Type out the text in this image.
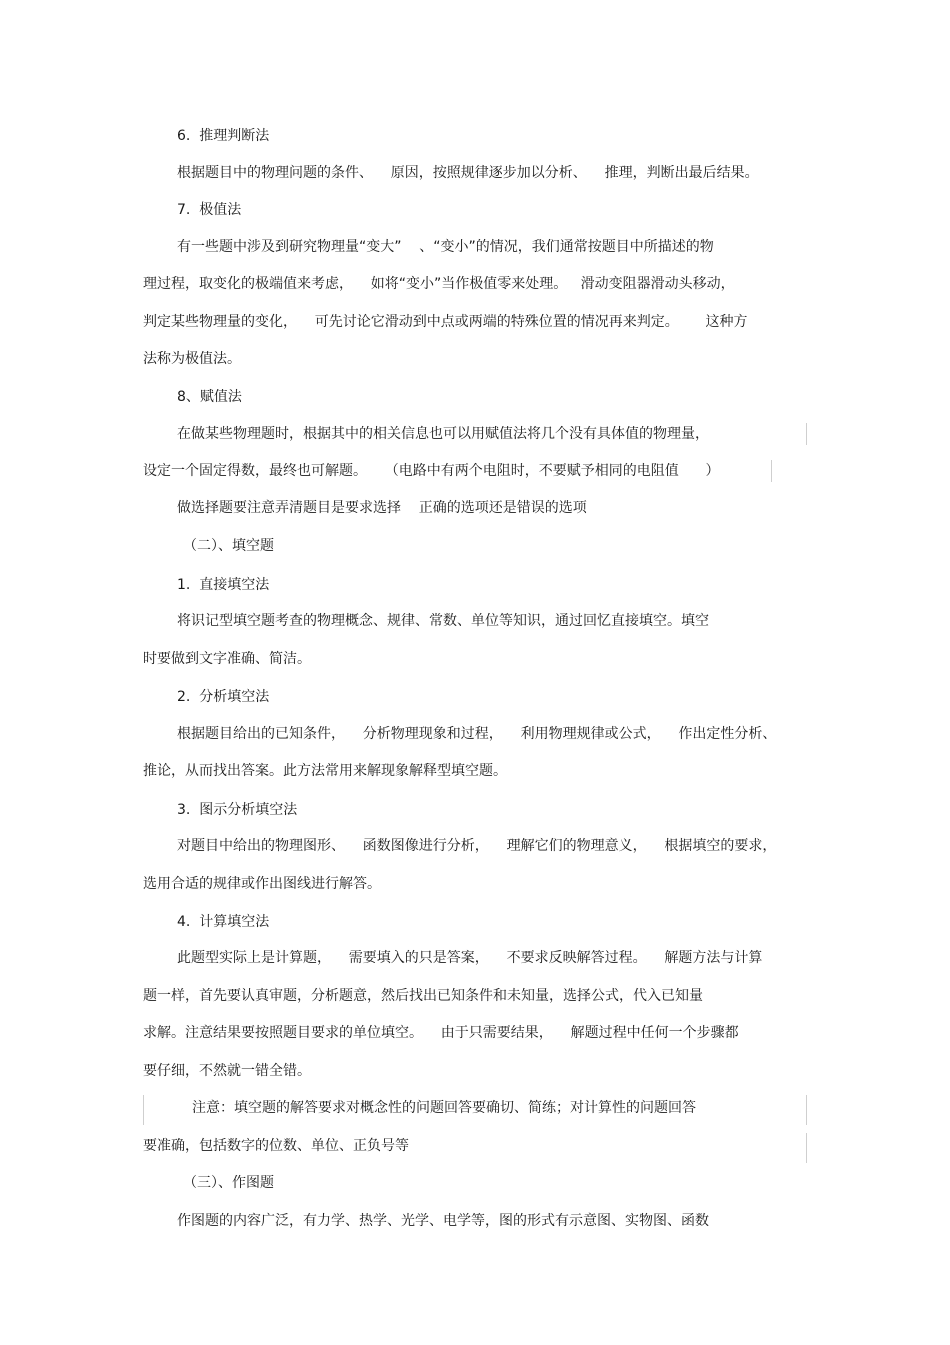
6.  推理判断法
根据题目中的物理问题的条件、    原因，按照规律逐步加以分析、    推理，判断出最后结果。
7.  极值法
有一些题中涉及到研究物理量“变大”    、“变小”的情况，我们通常按题目中所描述的物
理过程，取变化的极端值来考虑，    如将“变小”当作极值零来处理。   滑动变阻器滑动头移动，
判定某些物理量的变化，    可先讨论它滑动到中点或两端的特殊位置的情况再来判定。      这种方
法称为极值法。
8、赋值法
在做某些物理题时，根据其中的相关信息也可以用赋值法将几个没有具体值的物理量，
设定一个固定得数，最终也可解题。    （电路中有两个电阻时，不要赋予相同的电阻值      ）
做选择题要注意弄清题目是要求选择    正确的选项还是错误的选项
（二）、填空题
1.  直接填空法
将识记型填空题考查的物理概念、规律、常数、单位等知识，通过回忆直接填空。填空
时要做到文字准确、简洁。
2.  分析填空法
根据题目给出的已知条件，    分析物理现象和过程，    利用物理规律或公式，    作出定性分析、
推论，从而找出答案。此方法常用来解现象解释型填空题。
3.  图示分析填空法
对题目中给出的物理图形、    函数图像进行分析，    理解它们的物理意义，    根据填空的要求，
选用合适的规律或作出图线进行解答。
4.  计算填空法
此题型实际上是计算题，    需要填入的只是答案，    不要求反映解答过程。    解题方法与计算
题一样，首先要认真审题，分析题意，然后找出已知条件和未知量，选择公式，代入已知量
求解。注意结果要按照题目要求的单位填空。    由于只需要结果，    解题过程中任何一个步骤都
要仔细，不然就一错全错。
注意：填空题的解答要求对概念性的问题回答要确切、简练；对计算性的问题回答
要准确，包括数字的位数、单位、正负号等
（三）、作图题
作图题的内容广泛，有力学、热学、光学、电学等，图的形式有示意图、实物图、函数
